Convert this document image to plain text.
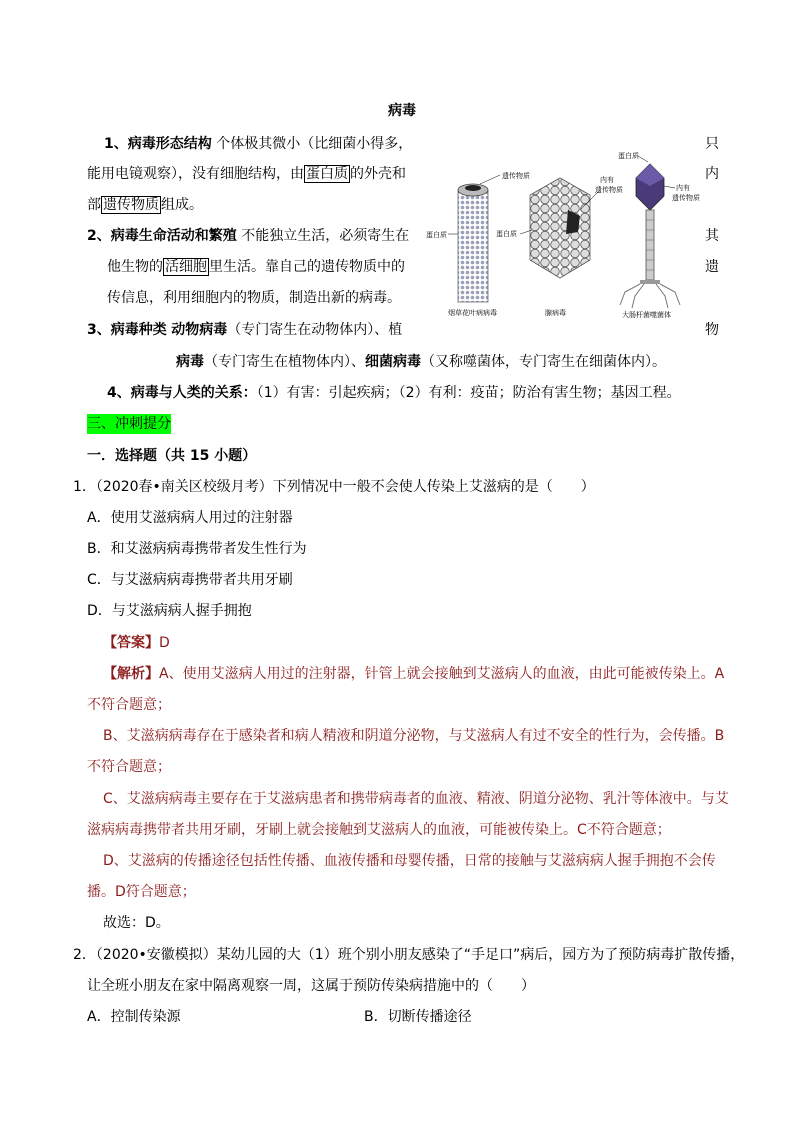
病毒
1、病毒形态结构 个体极其微小（比细菌小得多，	只
能用电镜观察），没有细胞结构，由 蛋白质 的外壳和	内
部 遗传物质 组成。
2、病毒生命活动和繁殖 不能独立生活，必须寄生在	其
他生物的 活细胞 里生活。靠自己的遗传物质中的	遗
传信息，利用细胞内的物质，制造出新的病毒。
3、病毒种类 动物病毒（专门寄生在动物体内）、植	物
病毒（专门寄生在植物体内）、细菌病毒（又称噬菌体，专门寄生在细菌体内）。
4、病毒与人类的关系：（1）有害：引起疾病；（2）有利：疫苗；防治有害生物；基因工程。
三、冲刺提分
一．选择题（共 15 小题）
遗传物质
蛋白质
烟草花叶病病毒
内有
遗传物质
蛋白质
腺病毒
蛋白质
内有
遗传物质
大肠杆菌噬菌体
1．（2020春•南关区校级月考）下列情况中一般不会使人传染上艾滋病的是（　　）
A．使用艾滋病病人用过的注射器
B．和艾滋病病毒携带者发生性行为
C．与艾滋病病毒携带者共用牙刷
D．与艾滋病病人握手拥抱
【答案】D
【解析】A、使用艾滋病人用过的注射器，针管上就会接触到艾滋病人的血液，由此可能被传染上。A
不符合题意；
B、艾滋病病毒存在于感染者和病人精液和阴道分泌物，与艾滋病人有过不安全的性行为，会传播。B
不符合题意；
C、艾滋病病毒主要存在于艾滋病患者和携带病毒者的血液、精液、阴道分泌物、乳汁等体液中。与艾
滋病病毒携带者共用牙刷，牙刷上就会接触到艾滋病人的血液，可能被传染上。C不符合题意；
D、艾滋病的传播途径包括性传播、血液传播和母婴传播，日常的接触与艾滋病病人握手拥抱不会传
播。D符合题意；
故选：D。
2．（2020•安徽模拟）某幼儿园的大（1）班个别小朋友感染了“手足口”病后，园方为了预防病毒扩散传播，
让全班小朋友在家中隔离观察一周，这属于预防传染病措施中的（　　）
A．控制传染源	B．切断传播途径
